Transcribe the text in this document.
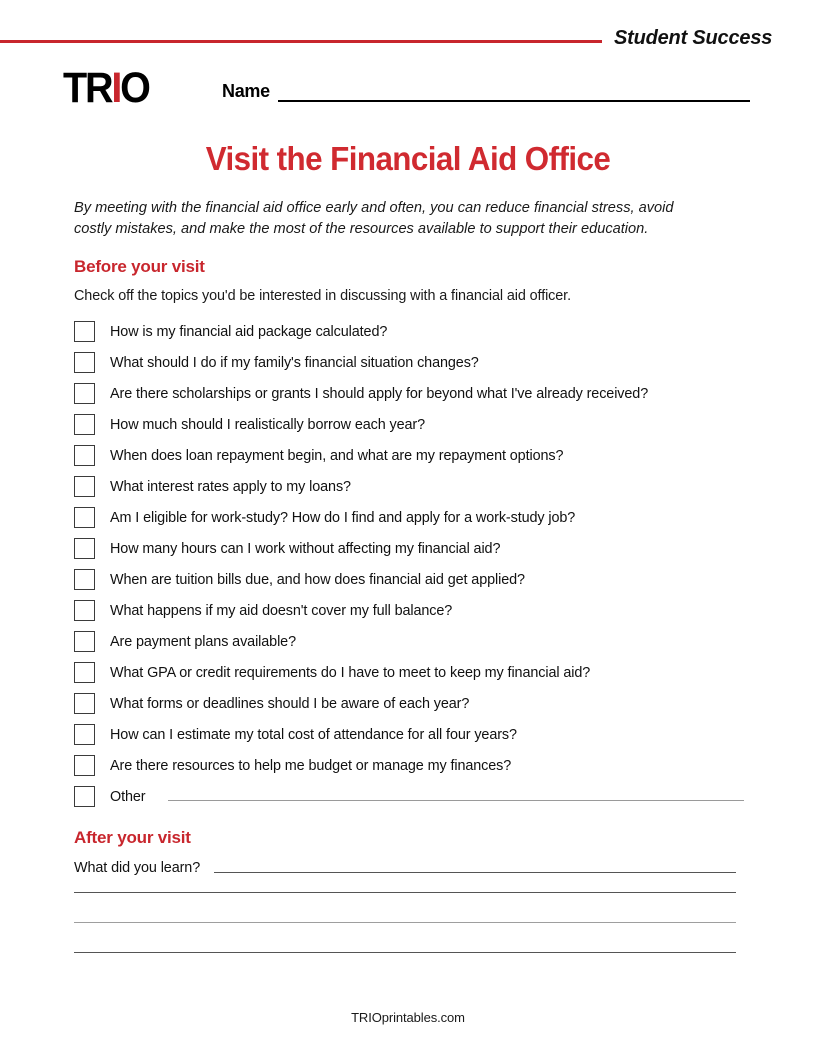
Student Success
TRIO	Name
Visit the Financial Aid Office
By meeting with the financial aid office early and often, you can reduce financial stress, avoid costly mistakes, and make the most of the resources available to support their education.
Before your visit
Check off the topics you'd be interested in discussing with a financial aid officer.
How is my financial aid package calculated?
What should I do if my family's financial situation changes?
Are there scholarships or grants I should apply for beyond what I've already received?
How much should I realistically borrow each year?
When does loan repayment begin, and what are my repayment options?
What interest rates apply to my loans?
Am I eligible for work-study? How do I find and apply for a work-study job?
How many hours can I work without affecting my financial aid?
When are tuition bills due, and how does financial aid get applied?
What happens if my aid doesn't cover my full balance?
Are payment plans available?
What GPA or credit requirements do I have to meet to keep my financial aid?
What forms or deadlines should I be aware of each year?
How can I estimate my total cost of attendance for all four years?
Are there resources to help me budget or manage my finances?
Other
After your visit
What did you learn?
TRIOprintables.com
